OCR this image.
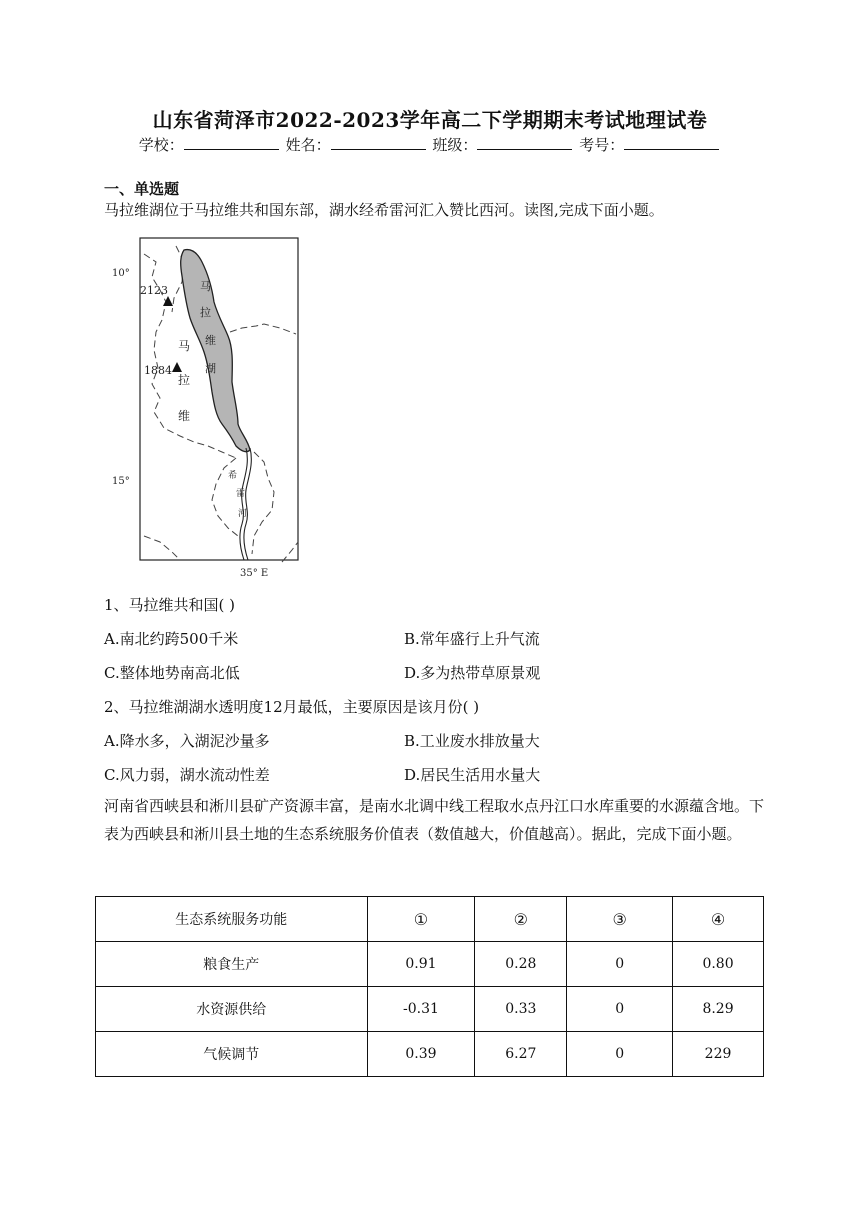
山东省菏泽市2022-2023学年高二下学期期末考试地理试卷
学校：	姓名：	班级：	考号：
一、单选题
马拉维湖位于马拉维共和国东部，湖水经希雷河汇入赞比西河。读图,完成下面小题。
10°
15°
35° E
2123
1884
马
拉
维
马
拉
维
湖
希
雷
河
1、马拉维共和国( )
A.南北约跨500千米	B.常年盛行上升气流
C.整体地势南高北低	D.多为热带草原景观
2、马拉维湖湖水透明度12月最低，主要原因是该月份( )
A.降水多，入湖泥沙量多	B.工业废水排放量大
C.风力弱，湖水流动性差	D.居民生活用水量大
河南省西峡县和淅川县矿产资源丰富，是南水北调中线工程取水点丹江口水库重要的水源蕴含地。下表为西峡县和淅川县土地的生态系统服务价值表（数值越大，价值越高）。据此，完成下面小题。
生态系统服务功能	①	②	③	④
粮食生产	0.91	0.28	0	0.80
水资源供给	-0.31	0.33	0	8.29
气候调节	0.39	6.27	0	229
